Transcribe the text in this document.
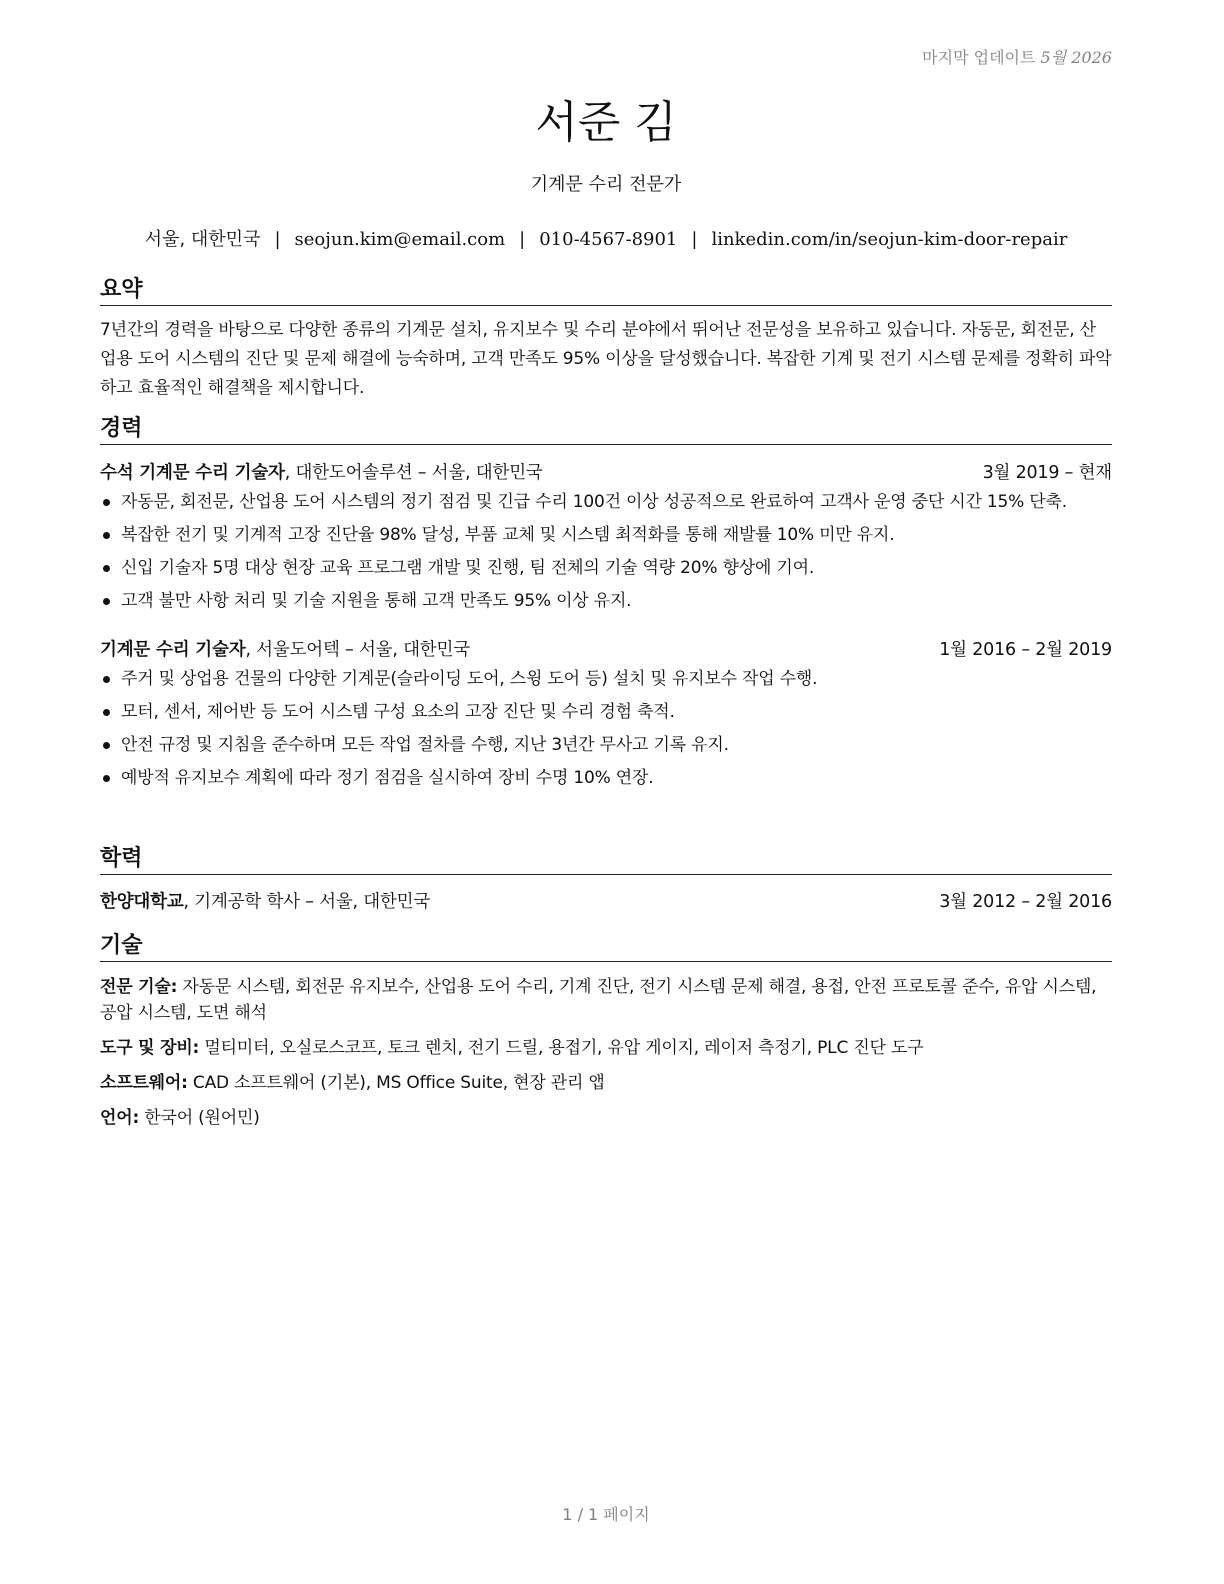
마지막 업데이트 5월 2026
서준 김
기계문 수리 전문가
서울, 대한민국 | seojun.kim@email.com | 010-4567-8901 | linkedin.com/in/seojun-kim-door-repair
요약
7년간의 경력을 바탕으로 다양한 종류의 기계문 설치, 유지보수 및 수리 분야에서 뛰어난 전문성을 보유하고 있습니다. 자동문, 회전문, 산업용 도어 시스템의 진단 및 문제 해결에 능숙하며, 고객 만족도 95% 이상을 달성했습니다. 복잡한 기계 및 전기 시스템 문제를 정확히 파악하고 효율적인 해결책을 제시합니다.
경력
수석 기계문 수리 기술자, 대한도어솔루션 – 서울, 대한민국	3월 2019 – 현재
자동문, 회전문, 산업용 도어 시스템의 정기 점검 및 긴급 수리 100건 이상 성공적으로 완료하여 고객사 운영 중단 시간 15% 단축.
복잡한 전기 및 기계적 고장 진단율 98% 달성, 부품 교체 및 시스템 최적화를 통해 재발률 10% 미만 유지.
신입 기술자 5명 대상 현장 교육 프로그램 개발 및 진행, 팀 전체의 기술 역량 20% 향상에 기여.
고객 불만 사항 처리 및 기술 지원을 통해 고객 만족도 95% 이상 유지.
기계문 수리 기술자, 서울도어텍 – 서울, 대한민국	1월 2016 – 2월 2019
주거 및 상업용 건물의 다양한 기계문(슬라이딩 도어, 스윙 도어 등) 설치 및 유지보수 작업 수행.
모터, 센서, 제어반 등 도어 시스템 구성 요소의 고장 진단 및 수리 경험 축적.
안전 규정 및 지침을 준수하며 모든 작업 절차를 수행, 지난 3년간 무사고 기록 유지.
예방적 유지보수 계획에 따라 정기 점검을 실시하여 장비 수명 10% 연장.
학력
한양대학교, 기계공학 학사 – 서울, 대한민국	3월 2012 – 2월 2016
기술
전문 기술: 자동문 시스템, 회전문 유지보수, 산업용 도어 수리, 기계 진단, 전기 시스템 문제 해결, 용접, 안전 프로토콜 준수, 유압 시스템, 공압 시스템, 도면 해석
도구 및 장비: 멀티미터, 오실로스코프, 토크 렌치, 전기 드릴, 용접기, 유압 게이지, 레이저 측정기, PLC 진단 도구
소프트웨어: CAD 소프트웨어 (기본), MS Office Suite, 현장 관리 앱
언어: 한국어 (원어민)
1 / 1 페이지
